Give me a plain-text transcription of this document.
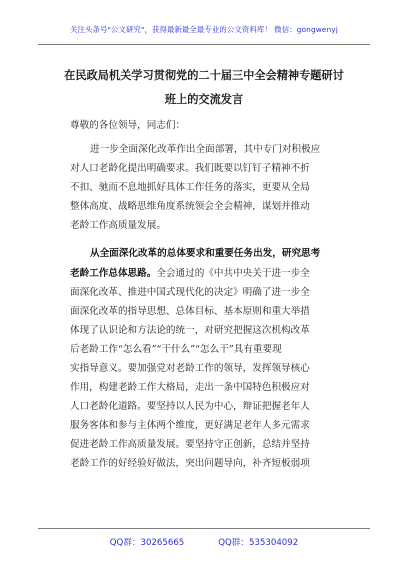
关注头条号"公文研究"，获得最新最全最专业的公文资料库！ 微信：gongwenyj
在民政局机关学习贯彻党的二十届三中全会精神专题研讨
班上的交流发言
尊敬的各位领导，同志们：
进一步全面深化改革作出全面部署，其中专门对积极应
对人口老龄化提出明确要求。我们既要以钉钉子精神不折
不扣、驰而不息地抓好具体工作任务的落实，更要从全局
整体高度、战略思维角度系统领会全会精神，谋划并推动
老龄工作高质量发展。
从全面深化改革的总体要求和重要任务出发，研究思考
老龄工作总体思路。全会通过的《中共中央关于进一步全
面深化改革、推进中国式现代化的决定》明确了进一步全
面深化改革的指导思想、总体目标、基本原则和重大举措
体现了认识论和方法论的统一，对研究把握这次机构改革
后老龄工作“怎么看”“干什么”“怎么干”具有重要现
实指导意义。要加强党对老龄工作的领导，发挥领导核心
作用，构建老龄工作大格局，走出一条中国特色积极应对
人口老龄化道路。要坚持以人民为中心，辩证把握老年人
服务客体和参与主体两个维度，更好满足老年人多元需求
促进老龄工作高质量发展。要坚持守正创新，总结并坚持
老龄工作的好经验好做法，突出问题导向，补齐短板弱项
QQ群：30265665	QQ群：535304092
